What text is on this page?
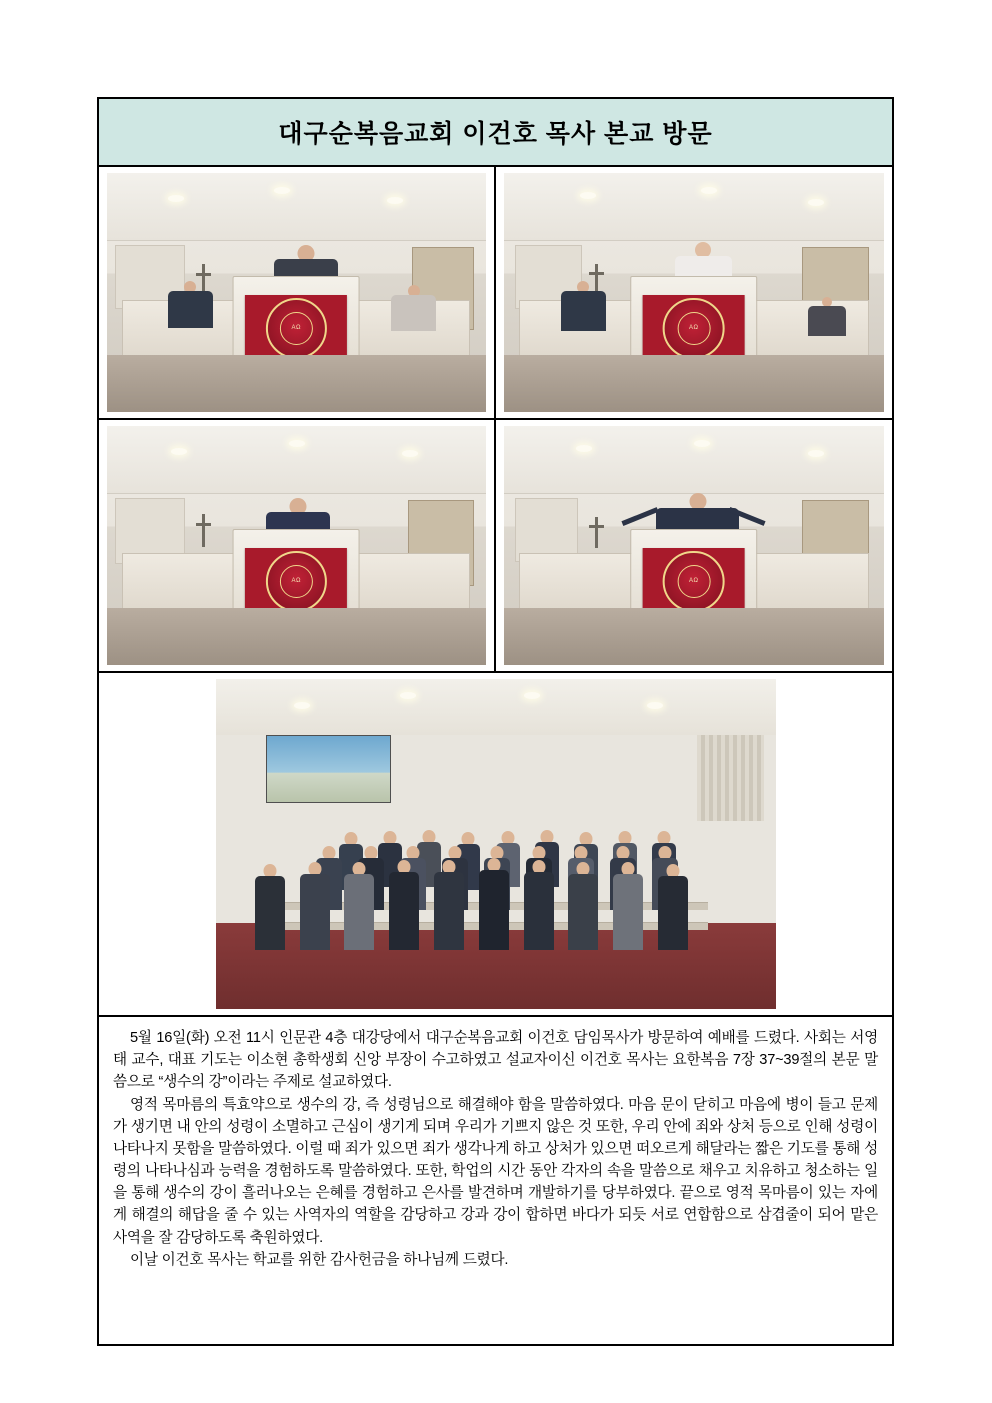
대구순복음교회 이건호 목사 본교 방문
AΩ	AΩ
AΩ	AΩ

5월 16일(화) 오전 11시 인문관 4층 대강당에서 대구순복음교회 이건호 담임목사가 방문하여 예배를 드렸다. 사회는 서영태 교수, 대표 기도는 이소현 총학생회 신앙 부장이 수고하였고 설교자이신 이건호 목사는 요한복음 7장 37~39절의 본문 말씀으로 “생수의 강”이라는 주제로 설교하였다.

영적 목마름의 특효약으로 생수의 강, 즉 성령님으로 해결해야 함을 말씀하였다. 마음 문이 닫히고 마음에 병이 들고 문제가 생기면 내 안의 성령이 소멸하고 근심이 생기게 되며 우리가 기쁘지 않은 것 또한, 우리 안에 죄와 상처 등으로 인해 성령이 나타나지 못함을 말씀하였다. 이럴 때 죄가 있으면 죄가 생각나게 하고 상처가 있으면 떠오르게 해달라는 짧은 기도를 통해 성령의 나타나심과 능력을 경험하도록 말씀하였다. 또한, 학업의 시간 동안 각자의 속을 말씀으로 채우고 치유하고 청소하는 일을 통해 생수의 강이 흘러나오는 은혜를 경험하고 은사를 발견하며 개발하기를 당부하였다. 끝으로 영적 목마름이 있는 자에게 해결의 해답을 줄 수 있는 사역자의 역할을 감당하고 강과 강이 합하면 바다가 되듯 서로 연합함으로 삼겹줄이 되어 맡은 사역을 잘 감당하도록 축원하였다.

이날 이건호 목사는 학교를 위한 감사헌금을 하나님께 드렸다.
